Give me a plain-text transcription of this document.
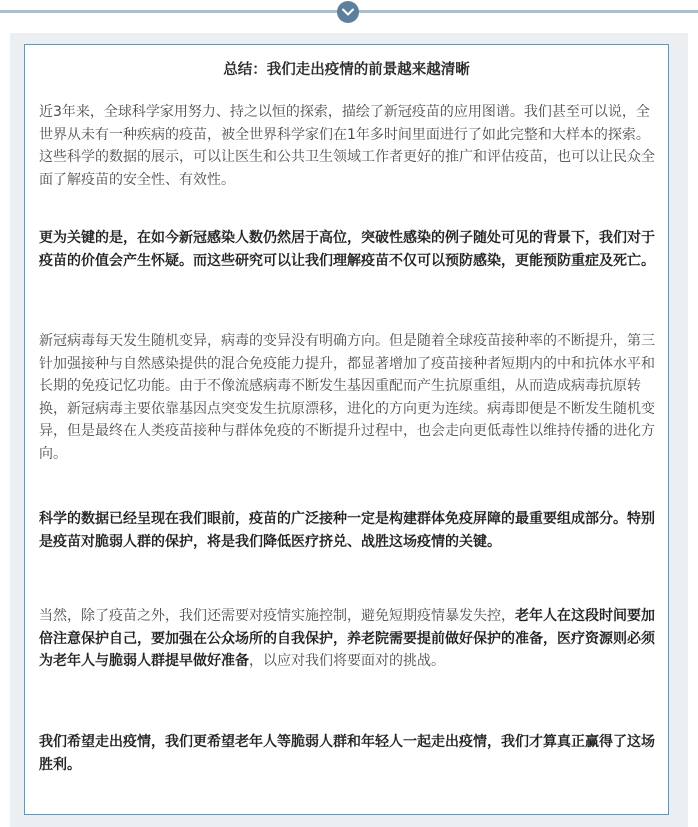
总结：我们走出疫情的前景越来越清晰

近3年来，全球科学家用努力、持之以恒的探索，描绘了新冠疫苗的应用图谱。我们甚至可以说，全世界从未有一种疾病的疫苗，被全世界科学家们在1年多时间里面进行了如此完整和大样本的探索。这些科学的数据的展示，可以让医生和公共卫生领域工作者更好的推广和评估疫苗，也可以让民众全面了解疫苗的安全性、有效性。

更为关键的是，在如今新冠感染人数仍然居于高位，突破性感染的例子随处可见的背景下，我们对于疫苗的价值会产生怀疑。而这些研究可以让我们理解疫苗不仅可以预防感染，更能预防重症及死亡。

新冠病毒每天发生随机变异，病毒的变异没有明确方向。但是随着全球疫苗接种率的不断提升，第三针加强接种与自然感染提供的混合免疫能力提升，都显著增加了疫苗接种者短期内的中和抗体水平和长期的免疫记忆功能。由于不像流感病毒不断发生基因重配而产生抗原重组，从而造成病毒抗原转换，新冠病毒主要依靠基因点突变发生抗原漂移，进化的方向更为连续。病毒即便是不断发生随机变异，但是最终在人类疫苗接种与群体免疫的不断提升过程中，也会走向更低毒性以维持传播的进化方向。

科学的数据已经呈现在我们眼前，疫苗的广泛接种一定是构建群体免疫屏障的最重要组成部分。特别是疫苗对脆弱人群的保护，将是我们降低医疗挤兑、战胜这场疫情的关键。

当然，除了疫苗之外，我们还需要对疫情实施控制，避免短期疫情暴发失控，老年人在这段时间要加倍注意保护自己，要加强在公众场所的自我保护，养老院需要提前做好保护的准备，医疗资源则必须为老年人与脆弱人群提早做好准备，以应对我们将要面对的挑战。

我们希望走出疫情，我们更希望老年人等脆弱人群和年轻人一起走出疫情，我们才算真正赢得了这场胜利。
